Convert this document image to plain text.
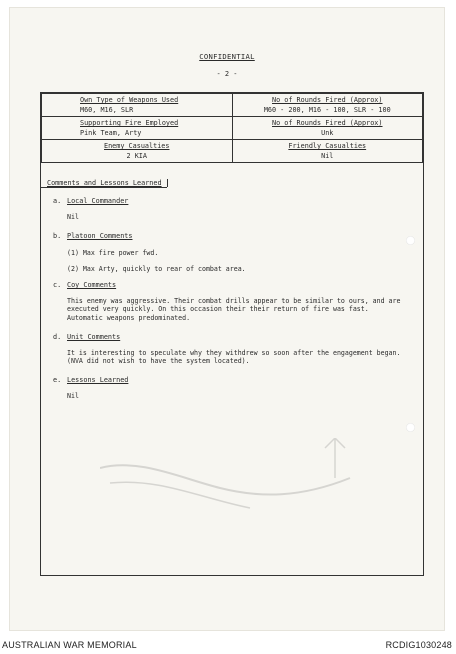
CONFIDENTIAL
- 2 -
Own Type of Weapons Used	No of Rounds Fired (Approx)
M60, M16, SLR	M60 - 200, M16 - 100, SLR - 100
Supporting Fire Employed	No of Rounds Fired (Approx)
Pink Team, Arty	Unk
Enemy Casualties	Friendly Casualties
2 KIA	Nil
Comments and Lessons Learned
a. Local Commander
Nil
b. Platoon Comments
(1) Max fire power fwd.
(2) Max Arty, quickly to rear of combat area.
c. Coy Comments
This enemy was aggressive. Their combat drills appear to be similar to ours, and are executed very quickly. On this occasion their their return of fire was fast. Automatic weapons predominated.
d. Unit Comments
It is interesting to speculate why they withdrew so soon after the engagement began. (NVA did not wish to have the system located).
e. Lessons Learned
Nil
AUSTRALIAN WAR MEMORIAL	RCDIG1030248
